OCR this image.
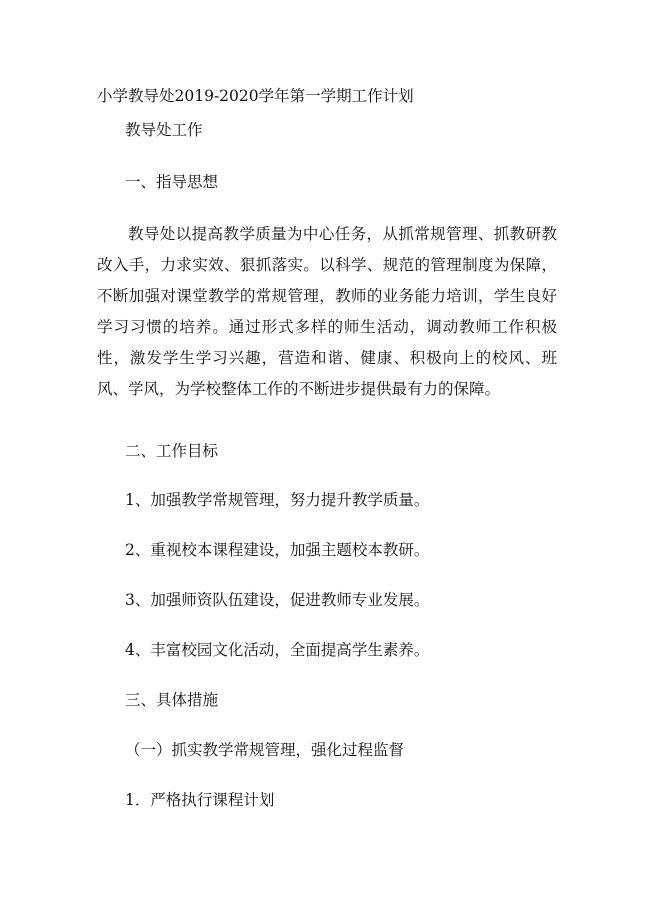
小学教导处2019-2020学年第一学期工作计划
教导处工作
一、指导思想
教导处以提高教学质量为中心任务，从抓常规管理、抓教研教改入手，力求实效、狠抓落实。以科学、规范的管理制度为保障，不断加强对课堂教学的常规管理，教师的业务能力培训，学生良好学习习惯的培养。通过形式多样的师生活动，调动教师工作积极性，激发学生学习兴趣，营造和谐、健康、积极向上的校风、班风、学风，为学校整体工作的不断进步提供最有力的保障。
二、工作目标
1、加强教学常规管理，努力提升教学质量。
2、重视校本课程建设，加强主题校本教研。
3、加强师资队伍建设，促进教师专业发展。
4、丰富校园文化活动，全面提高学生素养。
三、具体措施
（一）抓实教学常规管理，强化过程监督
1．严格执行课程计划
